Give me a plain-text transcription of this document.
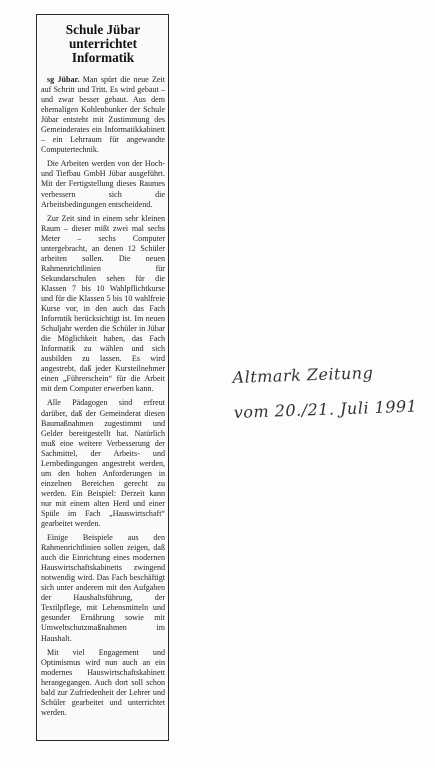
Schule Jübar unterrichtet Informatik

sg Jübar. Man spürt die neue Zeit auf Schritt und Tritt. Es wird gebaut – und zwar besser gebaut. Aus dem ehemaligen Kohlenbunker der Schule Jübar entsteht mit Zustimmung des Gemeinderates ein Informatikkabinett – ein Lehrraum für angewandte Computertechnik.

Die Arbeiten werden von der Hoch- und Tiefbau GmbH Jübar ausgeführt. Mit der Fertigstellung dieses Raumes verbessern sich die Arbeitsbedingungen entscheidend.

Zur Zeit sind in einem sehr kleinen Raum – dieser mißt zwei mal sechs Meter – sechs Computer untergebracht, an denen 12 Schüler arbeiten sollen. Die neuen Rahmenrichtlinien für Sekundarschulen sehen für die Klassen 7 bis 10 Wahlpflichtkurse und für die Klassen 5 bis 10 wahlfreie Kurse vor, in den auch das Fach Informtik berücksichtigt ist. Im neuen Schuljahr werden die Schüler in Jübar die Möglichkeit haben, das Fach Informatik zu wählen und sich ausbilden zu lassen. Es wird angestrebt, daß jeder Kursteilnehmer einen „Führerschein“ für die Arbeit mit dem Computer erwerben kann.

Alle Pädagogen sind erfreut darüber, daß der Gemeinderat diesen Baumaßnahmen zugestimmt und Gelder bereitgestellt hat. Natürlich muß eine weitere Verbesserung der Sachmittel, der Arbeits- und Lernbedingungen angestrebt werden, um den hohen Anforderungen in einzelnen Bereichen gerecht zu werden. Ein Beispiel: Derzeit kann nur mit einem alten Herd und einer Spüle im Fach „Hauswirtschaft“ gearbeitet werden.

Einige Beispiele aus den Rahmenrichtlinien sollen zeigen, daß auch die Einrichtung eines modernen Hauswirtschaftskabinetts zwingend notwendig wird. Das Fach beschäftigt sich unter anderem mit den Aufgaben der Haushaltsführung, der Textilpflege, mit Lebensmitteln und gesunder Ernährung sowie mit Umweltschutzmaßnahmen im Haushalt.

Mit viel Engagement und Optimismus wird nun auch an ein modernes Hauswirtschaftskabinett herangegangen. Auch dort soll schon bald zur Zufriedenheit der Lehrer und Schüler gearbeitet und unterrichtet werden.

Altmark Zeitung
vom 20./21. Juli 1991
